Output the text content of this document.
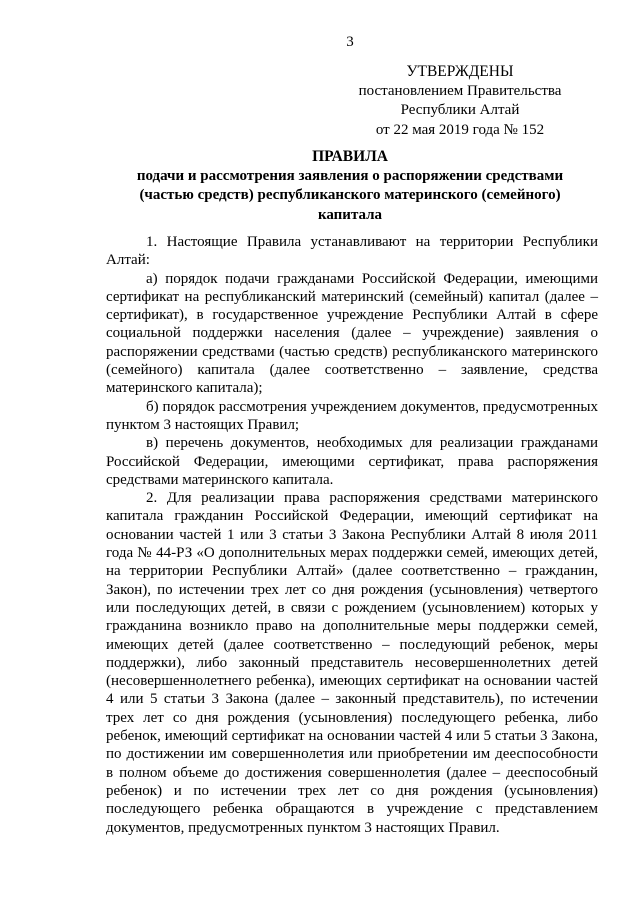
3
УТВЕРЖДЕНЫ
постановлением Правительства
Республики Алтай
от 22 мая 2019 года № 152
ПРАВИЛА
подачи и рассмотрения заявления о распоряжении средствами
(частью средств) республиканского материнского (семейного)
капитала

1. Настоящие Правила устанавливают на территории Республики Алтай:

а) порядок подачи гражданами Российской Федерации, имеющими сертификат на республиканский материнский (семейный) капитал (далее – сертификат), в государственное учреждение Республики Алтай в сфере социальной поддержки населения (далее – учреждение) заявления о распоряжении средствами (частью средств) республиканского материнского (семейного) капитала (далее соответственно – заявление, средства материнского капитала);

б) порядок рассмотрения учреждением документов, предусмотренных пунктом 3 настоящих Правил;

в) перечень документов, необходимых для реализации гражданами Российской Федерации, имеющими сертификат, права распоряжения средствами материнского капитала.

2. Для реализации права распоряжения средствами материнского капитала гражданин Российской Федерации, имеющий сертификат на основании частей 1 или 3 статьи 3 Закона Республики Алтай 8 июля 2011 года № 44-РЗ «О дополнительных мерах поддержки семей, имеющих детей, на территории Республики Алтай» (далее соответственно – гражданин, Закон), по истечении трех лет со дня рождения (усыновления) четвертого или последующих детей, в связи с рождением (усыновлением) которых у гражданина возникло право на дополнительные меры поддержки семей, имеющих детей (далее соответственно – последующий ребенок, меры поддержки), либо законный представитель несовершеннолетних детей (несовершеннолетнего ребенка), имеющих сертификат на основании частей 4 или 5 статьи 3 Закона (далее – законный представитель), по истечении трех лет со дня рождения (усыновления) последующего ребенка, либо ребенок, имеющий сертификат на основании частей 4 или 5 статьи 3 Закона, по достижении им совершеннолетия или приобретении им дееспособности в полном объеме до достижения совершеннолетия (далее – дееспособный ребенок) и по истечении трех лет со дня рождения (усыновления) последующего ребенка обращаются в учреждение с представлением документов, предусмотренных пунктом 3 настоящих Правил.
